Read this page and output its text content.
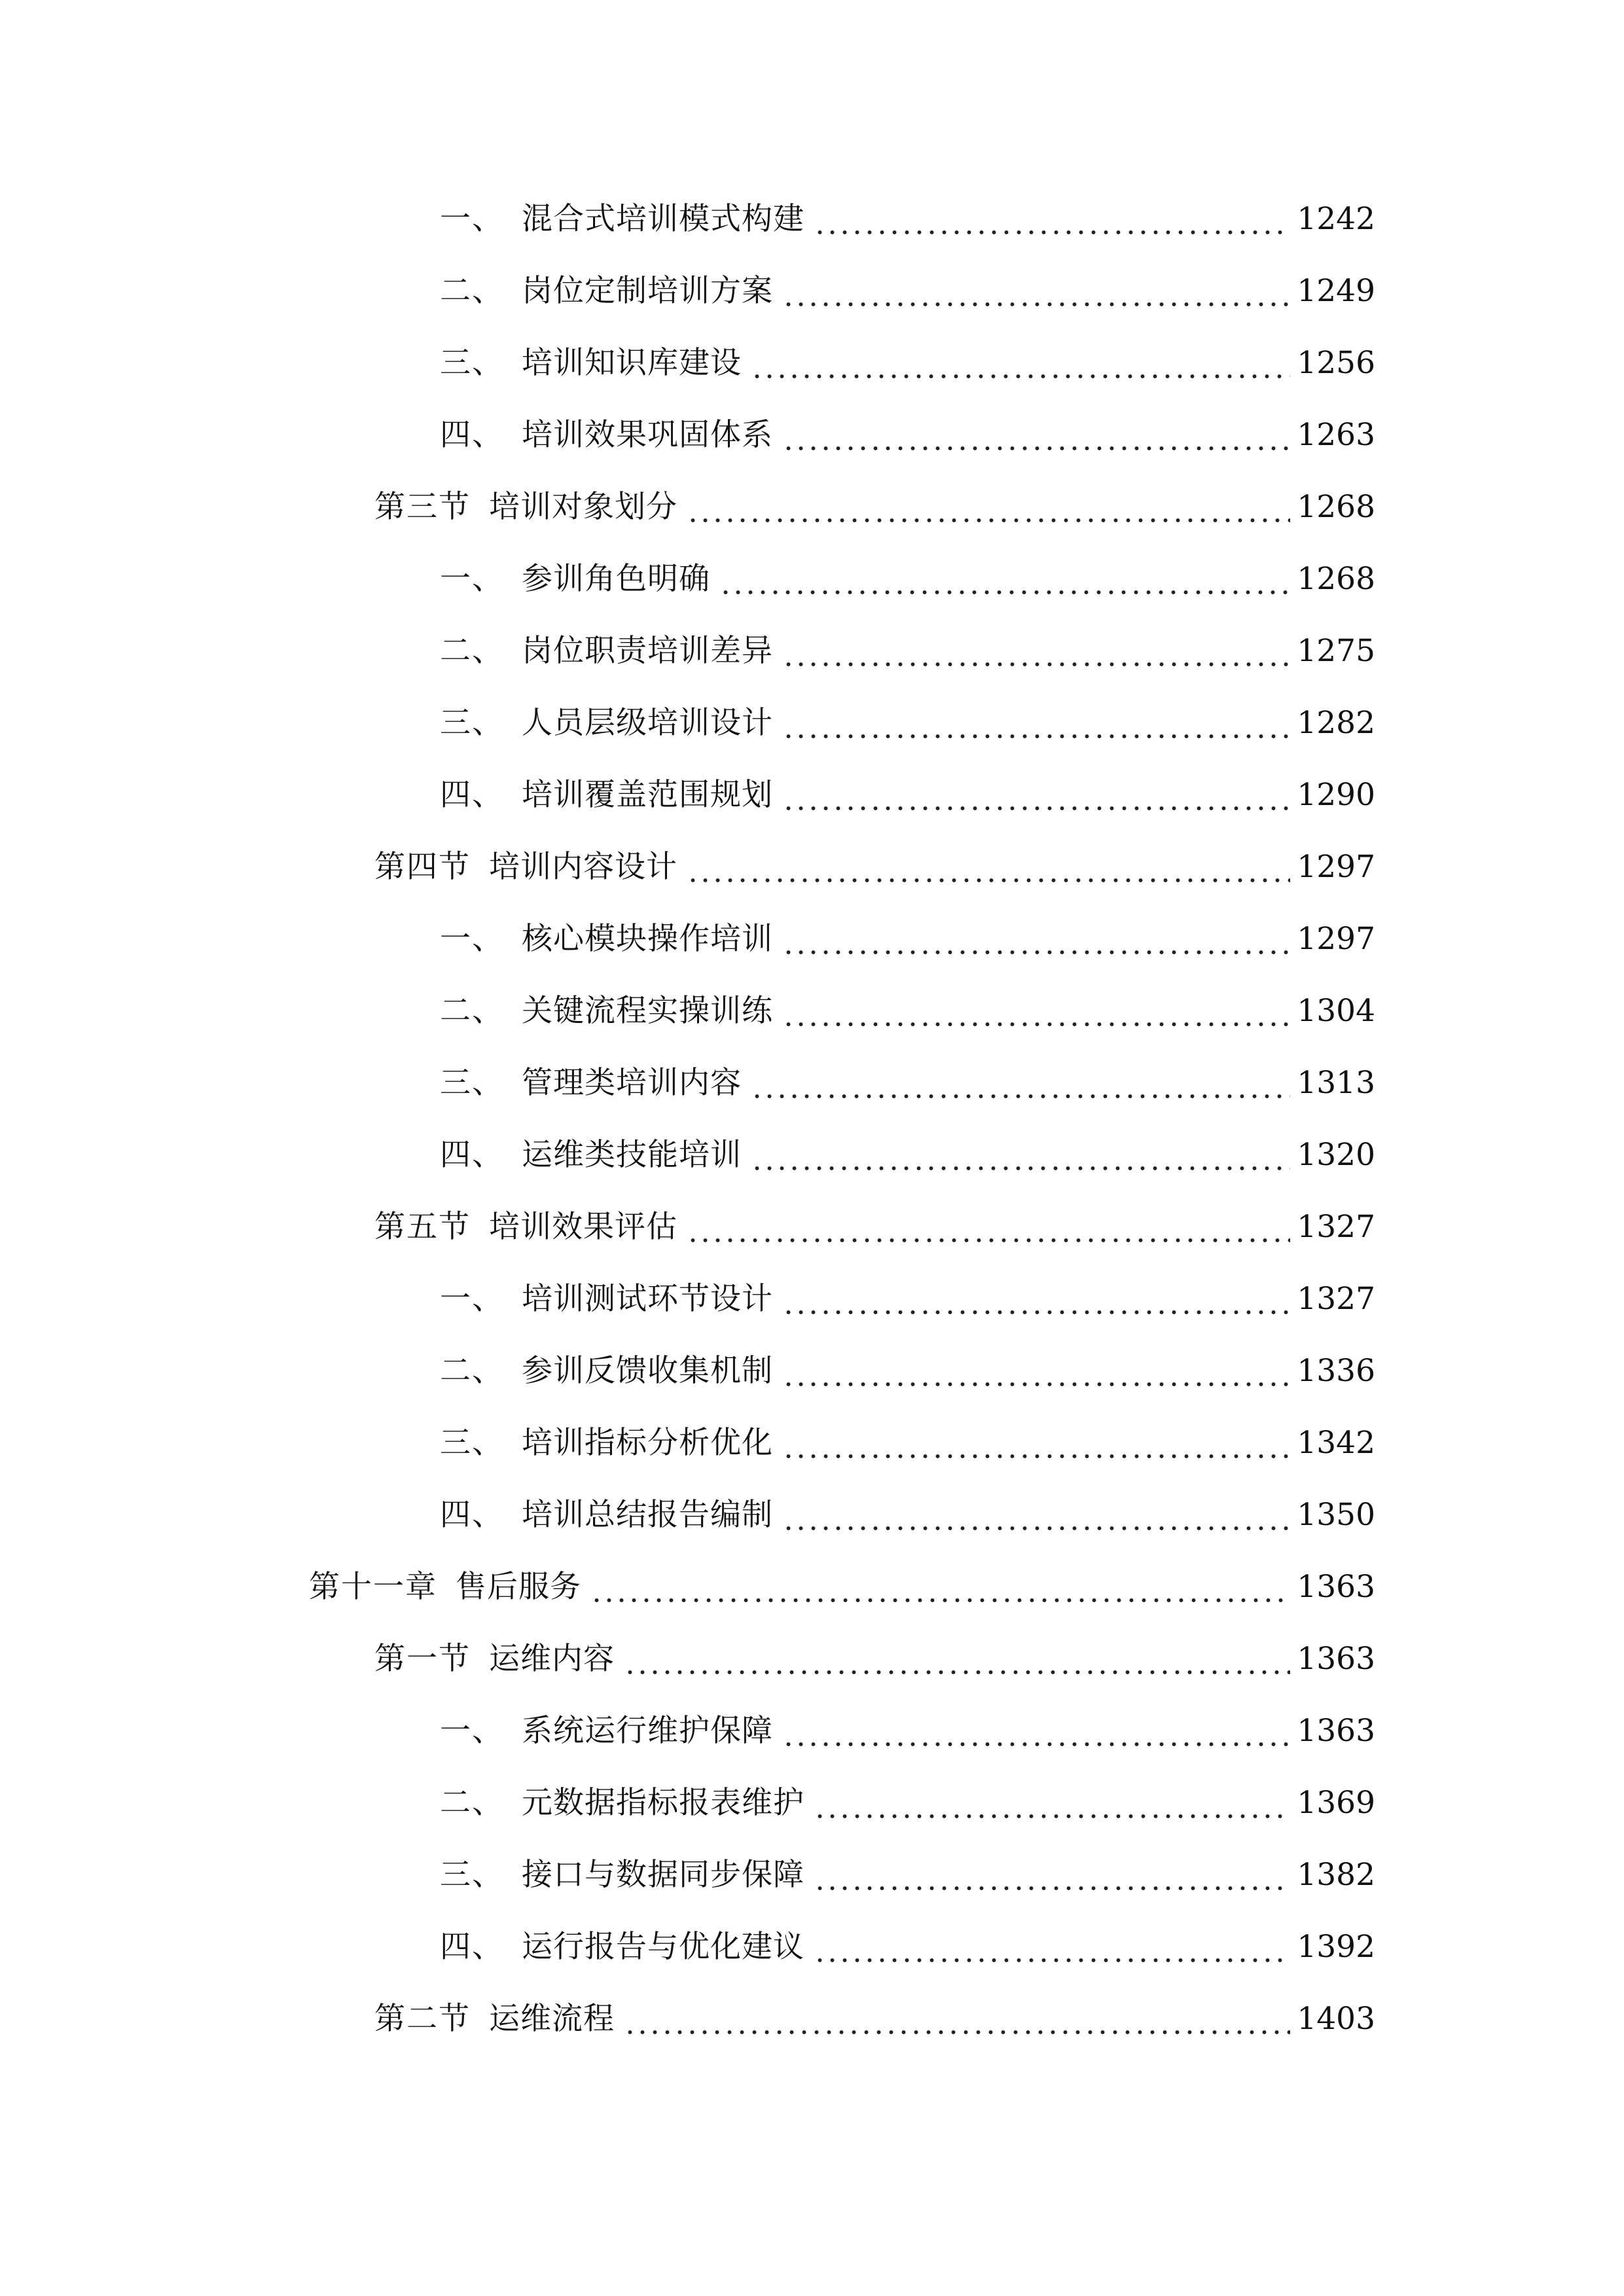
一、 混合式培训模式构建	1242
二、 岗位定制培训方案	1249
三、 培训知识库建设	1256
四、 培训效果巩固体系	1263
第三节 培训对象划分	1268
一、 参训角色明确	1268
二、 岗位职责培训差异	1275
三、 人员层级培训设计	1282
四、 培训覆盖范围规划	1290
第四节 培训内容设计	1297
一、 核心模块操作培训	1297
二、 关键流程实操训练	1304
三、 管理类培训内容	1313
四、 运维类技能培训	1320
第五节 培训效果评估	1327
一、 培训测试环节设计	1327
二、 参训反馈收集机制	1336
三、 培训指标分析优化	1342
四、 培训总结报告编制	1350
第十一章 售后服务	1363
第一节 运维内容	1363
一、 系统运行维护保障	1363
二、 元数据指标报表维护	1369
三、 接口与数据同步保障	1382
四、 运行报告与优化建议	1392
第二节 运维流程	1403
